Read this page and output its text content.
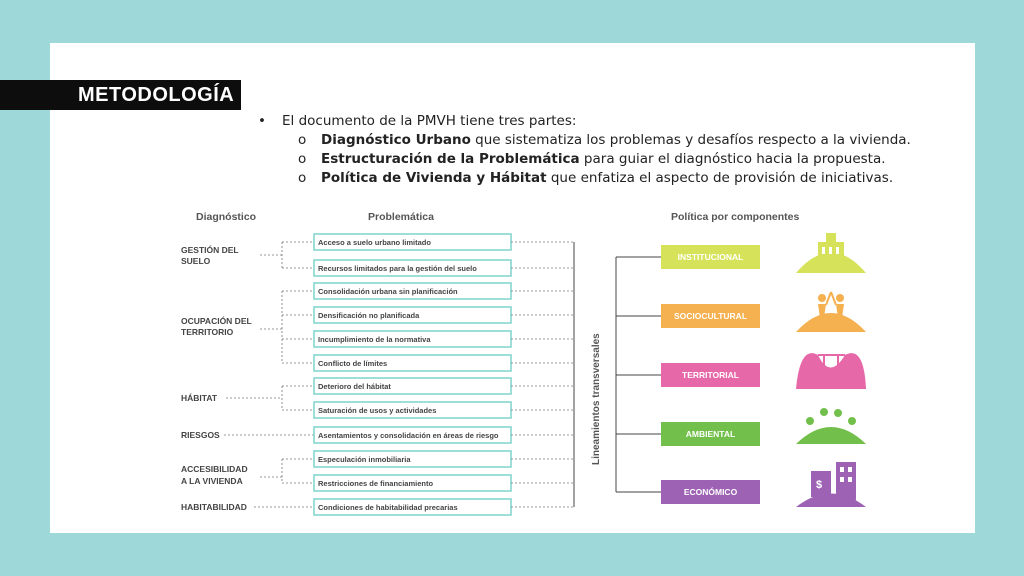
METODOLOGÍA
• El documento de la PMVH tiene tres partes:
o Diagnóstico Urbano que sistematiza los problemas y desafíos respecto a la vivienda.
o Estructuración de la Problemática para guiar el diagnóstico hacia la propuesta.
o Política de Vivienda y Hábitat que enfatiza el aspecto de provisión de iniciativas.
Diagnóstico	Problemática	Política por componentes
GESTIÓN DEL
SUELO
OCUPACIÓN DEL
TERRITORIO
HÁBITAT
RIESGOS
ACCESIBILIDAD
A LA VIVIENDA
HABITABILIDAD
Acceso a suelo urbano limitado
Recursos limitados para la gestión del suelo
Consolidación urbana sin planificación
Densificación no planificada
Incumplimiento de la normativa
Conflicto de límites
Deterioro del hábitat
Saturación de usos y actividades
Asentamientos y consolidación en áreas de riesgo
Especulación inmobiliaria
Restricciones de financiamiento
Condiciones de habitabilidad precarias
Lineamientos transversales
INSTITUCIONAL
SOCIOCULTURAL
TERRITORIAL
AMBIENTAL
ECONÓMICO
$
